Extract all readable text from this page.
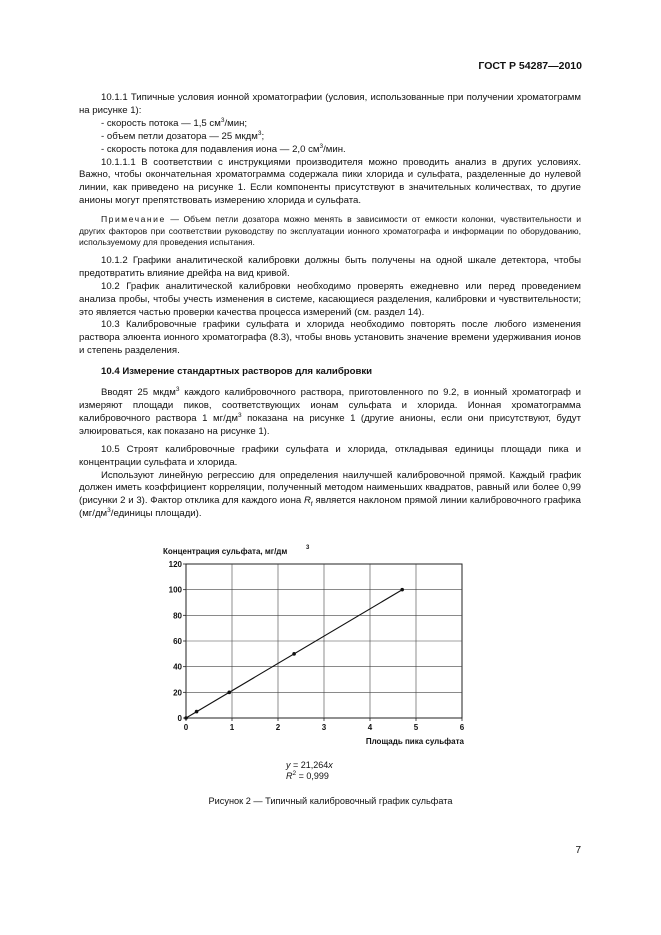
ГОСТ Р 54287—2010

10.1.1 Типичные условия ионной хроматографии (условия, использованные при получении хроматограмм на рисунке 1):

- скорость потока — 1,5 $см^3$/мин;

- объем петли дозатора — 25 мкдм$^3$;

- скорость потока для подавления иона — 2,0 $см^3$/мин.

10.1.1.1 В соответствии с инструкциями производителя можно проводить анализ в других условиях. Важно, чтобы окончательная хроматограмма содержала пики хлорида и сульфата, разделенные до нулевой линии, как приведено на рисунке 1. Если компоненты присутствуют в значительных количествах, то другие анионы могут препятствовать измерению хлорида и сульфата.

Примечание — Объем петли дозатора можно менять в зависимости от емкости колонки, чувствительности и других факторов при соответствии руководству по эксплуатации ионного хроматографа и информации по оборудованию, используемому для проведения испытания.

10.1.2 Графики аналитической калибровки должны быть получены на одной шкале детектора, чтобы предотвратить влияние дрейфа на вид кривой.

10.2 График аналитической калибровки необходимо проверять ежедневно или перед проведением анализа пробы, чтобы учесть изменения в системе, касающиеся разделения, калибровки и чувствительности; это является частью проверки качества процесса измерений (см. раздел 14).

10.3 Калибровочные графики сульфата и хлорида необходимо повторять после любого изменения раствора элюента ионного хроматографа (8.3), чтобы вновь установить значение времени удерживания ионов и степень разделения.

10.4 Измерение стандартных растворов для калибровки

Вводят 25 мкдм$^3$ каждого калибровочного раствора, приготовленного по 9.2, в ионный хроматограф и измеряют площади пиков, соответствующих ионам сульфата и хлорида. Ионная хроматограмма калибровочного раствора 1 $мг/дм^3$ показана на рисунке 1 (другие анионы, если они присутствуют, будут элюироваться, как показано на рисунке 1).

10.5 Строят калибровочные графики сульфата и хлорида, откладывая единицы площади пика и концентрации сульфата и хлорида.

Используют линейную регрессию для определения наилучшей калибровочной прямой. Каждый график должен иметь коэффициент корреляции, полученный методом наименьших квадратов, равный или более 0,99 (рисунки 2 и 3). Фактор отклика для каждого иона $R_f$ является наклоном прямой линии калибровочного графика ($мг/дм^3$/единицы площади).

0
20
40
60
80
100
120
0	1	2	3	4	5	6
Концентрация сульфата, мг/дм	3
Площадь пика сульфата
y = 21,264x
$R^2 = 0,999$
Рисунок 2 — Типичный калибровочный график сульфата
7
